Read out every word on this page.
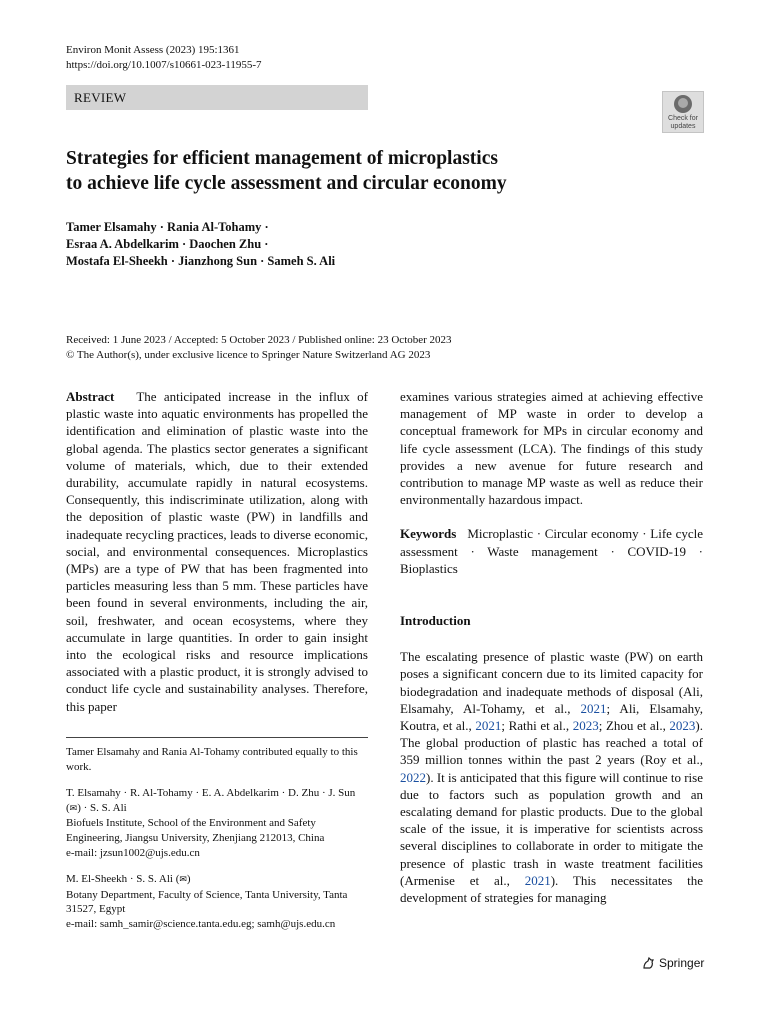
Environ Monit Assess (2023) 195:1361
https://doi.org/10.1007/s10661-023-11955-7
REVIEW
Check for
updates
Strategies for efficient management of microplastics
to achieve life cycle assessment and circular economy
Tamer Elsamahy · Rania Al-Tohamy ·
Esraa A. Abdelkarim · Daochen Zhu ·
Mostafa El-Sheekh · Jianzhong Sun · Sameh S. Ali
Received: 1 June 2023 / Accepted: 5 October 2023 / Published online: 23 October 2023
© The Author(s), under exclusive licence to Springer Nature Switzerland AG 2023

Abstract The anticipated increase in the influx of plastic waste into aquatic environments has propelled the identification and elimination of plastic waste into the global agenda. The plastics sector generates a significant volume of materials, which, due to their extended durability, accumulate rapidly in natural ecosystems. Consequently, this indiscriminate utilization, along with the deposition of plastic waste (PW) in landfills and inadequate recycling practices, leads to diverse economic, social, and environmental consequences. Microplastics (MPs) are a type of PW that has been fragmented into particles measuring less than 5 mm. These particles have been found in several environments, including the air, soil, freshwater, and ocean ecosystems, where they accumulate in large quantities. In order to gain insight into the ecological risks and resource implications associated with a plastic product, it is strongly advised to conduct life cycle and sustainability analyses. Therefore, this paper

examines various strategies aimed at achieving effective management of MP waste in order to develop a conceptual framework for MPs in circular economy and life cycle assessment (LCA). The findings of this study provides a new avenue for future research and contribution to manage MP waste as well as reduce their environmentally hazardous impact.

Keywords Microplastic · Circular economy · Life cycle assessment · Waste management · COVID-19 · Bioplastics

Introduction

The escalating presence of plastic waste (PW) on earth poses a significant concern due to its limited capacity for biodegradation and inadequate methods of disposal (Ali, Elsamahy, Al-Tohamy, et al., 2021; Ali, Elsamahy, Koutra, et al., 2021; Rathi et al., 2023; Zhou et al., 2023). The global production of plastic has reached a total of 359 million tonnes within the past 2 years (Roy et al., 2022). It is anticipated that this figure will continue to rise due to factors such as population growth and an escalating demand for plastic products. Due to the global scale of the issue, it is imperative for scientists across several disciplines to collaborate in order to mitigate the presence of plastic trash in waste treatment facilities (Armenise et al., 2021). This necessitates the development of strategies for managing

Tamer Elsamahy and Rania Al-Tohamy contributed equally to this work.

T. Elsamahy · R. Al-Tohamy · E. A. Abdelkarim · D. Zhu · J. Sun (✉) · S. S. Ali

Biofuels Institute, School of the Environment and Safety Engineering, Jiangsu University, Zhenjiang 212013, China

e-mail: jzsun1002@ujs.edu.cn

M. El-Sheekh · S. S. Ali (✉)

Botany Department, Faculty of Science, Tanta University, Tanta 31527, Egypt

e-mail: samh_samir@science.tanta.edu.eg; samh@ujs.edu.cn

Springer
